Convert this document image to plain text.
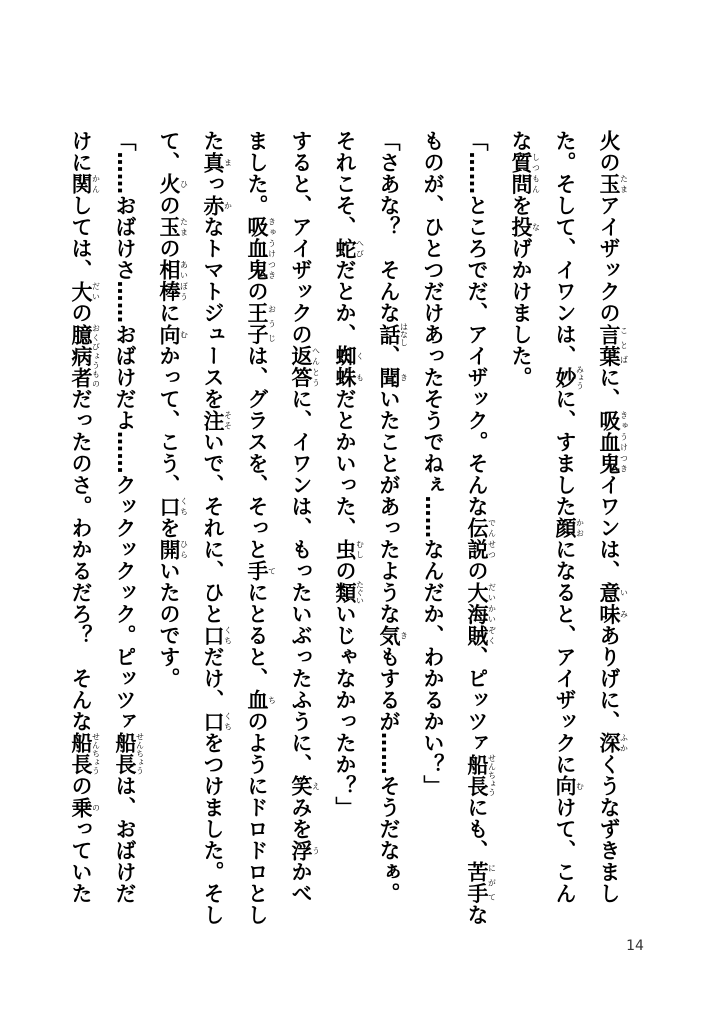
火の玉たまアイザックの言葉ことばに、吸血鬼きゅうけつきイワンは、意味いみありげに、深ふかくうなずきまし
た。そして、イワンは、妙みょうに、すました顔かおになると、アイザックに向むけて、こん
な質問しつもんを投なげかけました。
「……ところでだ、アイザック。そんな伝説でんせつの大海賊だいかいぞく、ピッツァ船長せんちょうにも、苦手にがてな
ものが、ひとつだけあったそうでねぇ……なんだか、わかるかい？」
「さあな？　そんな話はなし、聞きいたことがあったような気きもするが……そうだなぁ。
それこそ、蛇へびだとか、蜘蛛くもだとかいった、虫むしの類たぐいいじゃなかったか？」
すると、アイザックの返答へんとうに、イワンは、もったいぶったふうに、笑えみを浮うかべ
ました。吸血鬼きゅうけつきの王子おうじは、グラスを、そっと手てにとると、血ちのようにドロドロとし
た真まっ赤かなトマトジュースを注そそいで、それに、ひと口くちだけ、口くちをつけました。そし
て、火ひの玉たまの相棒あいぼうに向むかって、こう、口くちを開ひらいたのです。
「……おばけさ……おばけだよ……クックックック。ピッツァ船長せんちょうは、おばけだ
けに関かんしては、大だいの臆病者おくびょうものだったのさ。わかるだろ？　そんな船長せんちょうの乗のっていた
14
